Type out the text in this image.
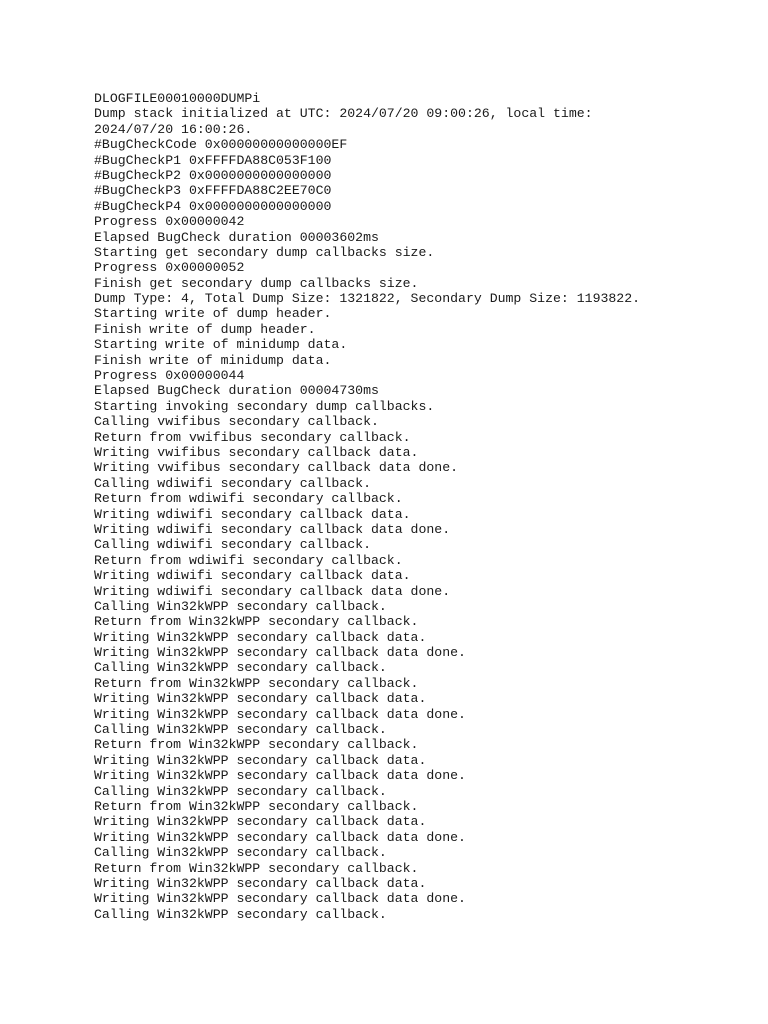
DLOGFILE00010000DUMPi
Dump stack initialized at UTC: 2024/07/20 09:00:26, local time:
2024/07/20 16:00:26.
#BugCheckCode 0x00000000000000EF
#BugCheckP1 0xFFFFDA88C053F100
#BugCheckP2 0x0000000000000000
#BugCheckP3 0xFFFFDA88C2EE70C0
#BugCheckP4 0x0000000000000000
Progress 0x00000042
Elapsed BugCheck duration 00003602ms
Starting get secondary dump callbacks size.
Progress 0x00000052
Finish get secondary dump callbacks size.
Dump Type: 4, Total Dump Size: 1321822, Secondary Dump Size: 1193822.
Starting write of dump header.
Finish write of dump header.
Starting write of minidump data.
Finish write of minidump data.
Progress 0x00000044
Elapsed BugCheck duration 00004730ms
Starting invoking secondary dump callbacks.
Calling vwifibus secondary callback.
Return from vwifibus secondary callback.
Writing vwifibus secondary callback data.
Writing vwifibus secondary callback data done.
Calling wdiwifi secondary callback.
Return from wdiwifi secondary callback.
Writing wdiwifi secondary callback data.
Writing wdiwifi secondary callback data done.
Calling wdiwifi secondary callback.
Return from wdiwifi secondary callback.
Writing wdiwifi secondary callback data.
Writing wdiwifi secondary callback data done.
Calling Win32kWPP secondary callback.
Return from Win32kWPP secondary callback.
Writing Win32kWPP secondary callback data.
Writing Win32kWPP secondary callback data done.
Calling Win32kWPP secondary callback.
Return from Win32kWPP secondary callback.
Writing Win32kWPP secondary callback data.
Writing Win32kWPP secondary callback data done.
Calling Win32kWPP secondary callback.
Return from Win32kWPP secondary callback.
Writing Win32kWPP secondary callback data.
Writing Win32kWPP secondary callback data done.
Calling Win32kWPP secondary callback.
Return from Win32kWPP secondary callback.
Writing Win32kWPP secondary callback data.
Writing Win32kWPP secondary callback data done.
Calling Win32kWPP secondary callback.
Return from Win32kWPP secondary callback.
Writing Win32kWPP secondary callback data.
Writing Win32kWPP secondary callback data done.
Calling Win32kWPP secondary callback.
